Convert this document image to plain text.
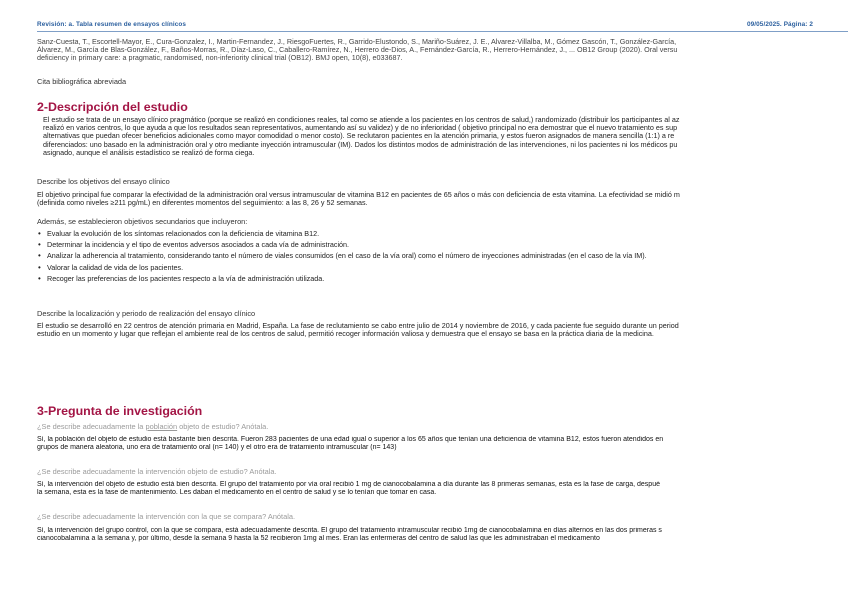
Revisión: a. Tabla resumen de ensayos clínicos	09/05/2025. Página: 2
Sanz-Cuesta, T., Escortell-Mayor, E., Cura-Gonzalez, I., Martin-Fernandez, J., RiesgoFuertes, R., Garrido-Elustondo, S., Mariño-Suárez, J. E., Alvarez-Villalba, M., Gómez Gascón, T., González-García,
Álvarez, M., García de Blas-González, F., Baños-Morras, R., Díaz-Laso, C., Caballero-Ramírez, N., Herrero de-Dios, A., Fernández-García, R., Herrero-Hernández, J., ... OB12 Group (2020). Oral versu
deficiency in primary care: a pragmatic, randomised, non-inferiority clinical trial (OB12). BMJ open, 10(8), e033687.
Cita bibliográfica abreviada
2-Descripción del estudio
El estudio se trata de un ensayo clínico pragmático (porque se realizó en condiciones reales, tal como se atiende a los pacientes en los centros de salud,) randomizado (distribuir los participantes al az
realizó en varios centros, lo que ayuda a que los resultados sean representativos, aumentando así su validez) y de no inferioridad ( objetivo principal no era demostrar que el nuevo tratamiento es sup
alternativas que puedan ofecer beneficios adicionales como mayor comodidad o menor costo). Se reclutaron pacientes en la atención primaria, y estos fueron asignados de manera sencilla (1:1) a re
diferenciados: uno basado en la administración oral y otro mediante inyección intramuscular (IM). Dados los distintos modos de administración de las intervenciones, ni los pacientes ni los médicos pu
asignado, aunque el análisis estadístico se realizó de forma ciega.
Describe los objetivos del ensayo clínico
El objetivo principal fue comparar la efectividad de la administración oral versus intramuscular de vitamina B12 en pacientes de 65 años o más con deficiencia de esta vitamina. La efectividad se midió m
(definida como niveles ≥211 pg/mL) en diferentes momentos del seguimiento: a las 8, 26 y 52 semanas.
Además, se establecieron objetivos secundarios que incluyeron:
• Evaluar la evolución de los síntomas relacionados con la deficiencia de vitamina B12.
• Determinar la incidencia y el tipo de eventos adversos asociados a cada vía de administración.
• Analizar la adherencia al tratamiento, considerando tanto el número de viales consumidos (en el caso de la vía oral) como el número de inyecciones administradas (en el caso de la vía IM).
• Valorar la calidad de vida de los pacientes.
• Recoger las preferencias de los pacientes respecto a la vía de administración utilizada.
Describe la localización y periodo de realización del ensayo clínico
El estudio se desarrolló en 22 centros de atención primaria en Madrid, España. La fase de reclutamiento se cabo entre julio de 2014 y noviembre de 2016, y cada paciente fue seguido durante un period
estudio en un momento y lugar que reflejan el ambiente real de los centros de salud, permitió recoger información valiosa y demuestra que el ensayo se basa en la práctica diaria de la medicina.
3-Pregunta de investigación
¿Se describe adecuadamente la población objeto de estudio? Anótala.
Sí, la población del objeto de estudio está bastante bien descrita. Fueron 283 pacientes de una edad igual o superior a los 65 años que tenían una deficiencia de vitamina B12, estos fueron atendidos en
grupos de manera aleatoria, uno era de tratamiento oral (n= 140) y el otro era de tratamiento intramuscular (n= 143)
¿Se describe adecuadamente la intervención objeto de estudio? Anótala.
Sí, la intervención del objeto de estudio está bien descrita. El grupo del tratamiento por vía oral recibió 1 mg de cianocobalamina a día durante las 8 primeras semanas, esta es la fase de carga, despué
la semana, esta es la fase de mantenimiento. Les daban el medicamento en el centro de salud y se lo tenían que tomar en casa.
¿Se describe adecuadamente la intervención con la que se compara? Anótala.
Sí, la intervención del grupo control, con la que se compara, está adecuadamente descrita. El grupo del tratamiento intramuscular recibió 1mg de cianocobalamina en días alternos en las dos primeras s
cianocobalamina a la semana y, por último, desde la semana 9 hasta la 52 recibieron 1mg al mes. Eran las enfermeras del centro de salud las que les administraban el medicamento
